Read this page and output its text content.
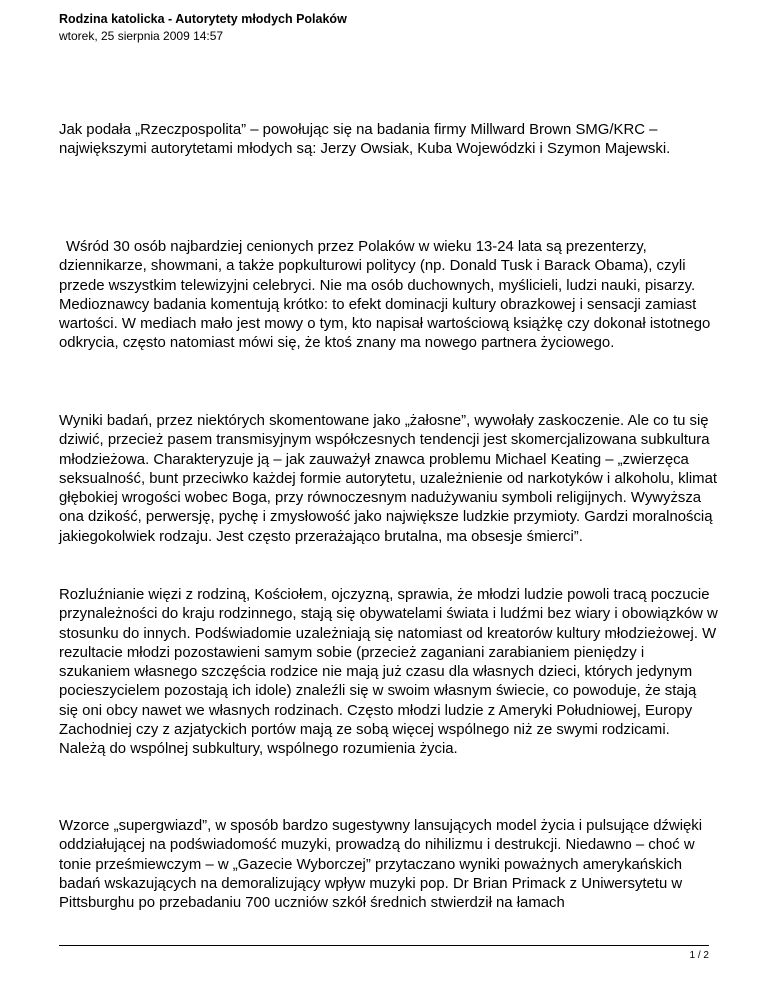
Rodzina katolicka - Autorytety młodych Polaków
wtorek, 25 sierpnia 2009 14:57

Jak podała „Rzeczpospolita” – powołując się na badania firmy Millward Brown SMG/KRC – największymi autorytetami młodych są: Jerzy Owsiak, Kuba Wojewódzki i Szymon Majewski.

Wśród 30 osób najbardziej cenionych przez Polaków w wieku 13-24 lata są prezenterzy, dziennikarze, showmani, a także popkulturowi politycy (np. Donald Tusk i Barack Obama), czyli przede wszystkim telewizyjni celebryci. Nie ma osób duchownych, myślicieli, ludzi nauki, pisarzy. Medioznawcy badania komentują krótko: to efekt dominacji kultury obrazkowej i sensacji zamiast wartości. W mediach mało jest mowy o tym, kto napisał wartościową książkę czy dokonał istotnego odkrycia, często natomiast mówi się, że ktoś znany ma nowego partnera życiowego.

Wyniki badań, przez niektórych skomentowane jako „żałosne”, wywołały zaskoczenie. Ale co tu się dziwić, przecież pasem transmisyjnym współczesnych tendencji jest skomercjalizowana subkultura młodzieżowa. Charakteryzuje ją – jak zauważył znawca problemu Michael Keating – „zwierzęca seksualność, bunt przeciwko każdej formie autorytetu, uzależnienie od narkotyków i alkoholu, klimat głębokiej wrogości wobec Boga, przy równoczesnym nadużywaniu symboli religijnych. Wywyższa ona dzikość, perwersję, pychę i zmysłowość jako największe ludzkie przymioty. Gardzi moralnością jakiegokolwiek rodzaju. Jest często przerażająco brutalna, ma obsesje śmierci”.

Rozluźnianie więzi z rodziną, Kościołem, ojczyzną, sprawia, że młodzi ludzie powoli tracą poczucie przynależności do kraju rodzinnego, stają się obywatelami świata i ludźmi bez wiary i obowiązków w stosunku do innych. Podświadomie uzależniają się natomiast od kreatorów kultury młodzieżowej. W rezultacie młodzi pozostawieni samym sobie (przecież zaganiani zarabianiem pieniędzy i szukaniem własnego szczęścia rodzice nie mają już czasu dla własnych dzieci, których jedynym pocieszycielem pozostają ich idole) znaleźli się w swoim własnym świecie, co powoduje, że stają się oni obcy nawet we własnych rodzinach. Często młodzi ludzie z Ameryki Południowej, Europy Zachodniej czy z azjatyckich portów mają ze sobą więcej wspólnego niż ze swymi rodzicami. Należą do wspólnej subkultury, wspólnego rozumienia życia.

Wzorce „supergwiazd”, w sposób bardzo sugestywny lansujących model życia i pulsujące dźwięki oddziałującej na podświadomość muzyki, prowadzą do nihilizmu i destrukcji. Niedawno – choć w tonie prześmiewczym – w „Gazecie Wyborczej” przytaczano wyniki poważnych amerykańskich badań wskazujących na demoralizujący wpływ muzyki pop. Dr Brian Primack z Uniwersytetu w Pittsburghu po przebadaniu 700 uczniów szkół średnich stwierdził na łamach

1 / 2
